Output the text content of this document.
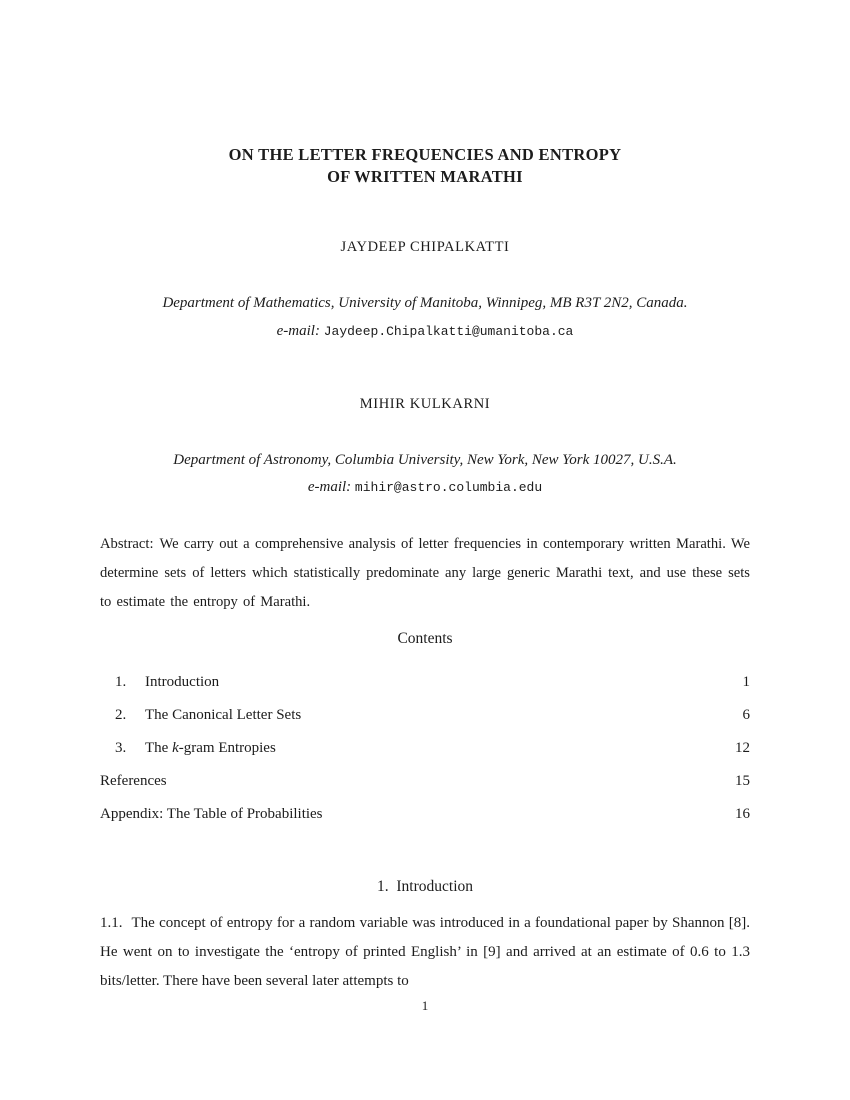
ON THE LETTER FREQUENCIES AND ENTROPY
OF WRITTEN MARATHI
JAYDEEP CHIPALKATTI
Department of Mathematics, University of Manitoba, Winnipeg, MB R3T 2N2, Canada.
e-mail: Jaydeep.Chipalkatti@umanitoba.ca
MIHIR KULKARNI
Department of Astronomy, Columbia University, New York, New York 10027, U.S.A.
e-mail: mihir@astro.columbia.edu
Abstract: We carry out a comprehensive analysis of letter frequencies in contemporary written Marathi. We determine sets of letters which statistically predominate any large generic Marathi text, and use these sets to estimate the entropy of Marathi.
Contents
1.	Introduction	1
2.	The Canonical Letter Sets	6
3.	The k-gram Entropies	12
References	15
Appendix: The Table of Probabilities	16
1. Introduction
1.1. The concept of entropy for a random variable was introduced in a foundational paper by Shannon [8]. He went on to investigate the ‘entropy of printed English’ in [9] and arrived at an estimate of 0.6 to 1.3 bits/letter. There have been several later attempts to
1
